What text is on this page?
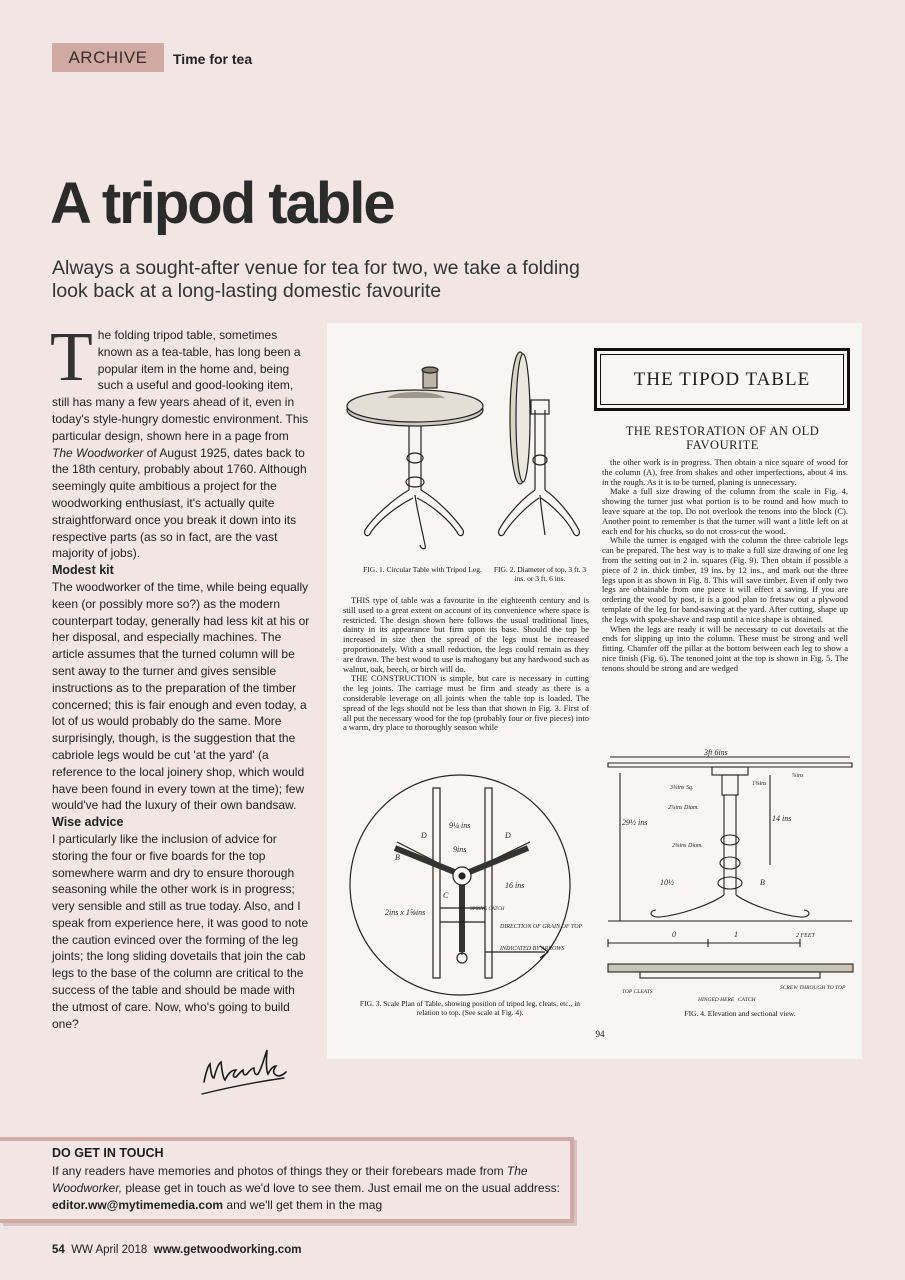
ARCHIVE	Time for tea
A tripod table
Always a sought-after venue for tea for two, we take a folding look back at a long-lasting domestic favourite

The folding tripod table, sometimes known as a tea-table, has long been a popular item in the home and, being such a useful and good-looking item, still has many a few years ahead of it, even in today's style-hungry domestic environment. This particular design, shown here in a page from The Woodworker of August 1925, dates back to the 18th century, probably about 1760. Although seemingly quite ambitious a project for the woodworking enthusiast, it's actually quite straightforward once you break it down into its respective parts (as so in fact, are the vast majority of jobs).

Modest kit

The woodworker of the time, while being equally keen (or possibly more so?) as the modern counterpart today, generally had less kit at his or her disposal, and especially machines. The article assumes that the turned column will be sent away to the turner and gives sensible instructions as to the preparation of the timber concerned; this is fair enough and even today, a lot of us would probably do the same. More surprisingly, though, is the suggestion that the cabriole legs would be cut 'at the yard' (a reference to the local joinery shop, which would have been found in every town at the time); few would've had the luxury of their own bandsaw.

Wise advice

I particularly like the inclusion of advice for storing the four or five boards for the top somewhere warm and dry to ensure thorough seasoning while the other work is in progress; very sensible and still as true today. Also, and I speak from experience here, it was good to note the caution evinced over the forming of the leg joints; the long sliding dovetails that join the cab legs to the base of the column are critical to the success of the table and should be made with the utmost of care. Now, who's going to build one?

FIG. 1. Circular Table with Tripod Leg.	FIG. 2. Diameter of top, 3 ft. 3 ins. or 3 ft. 6 ins.
THE TIPOD TABLE
THE RESTORATION OF AN OLD FAVOURITE

the other work is in progress. Then obtain a nice square of wood for the column (A), free from shakes and other imperfections, about 4 ins. in the rough. As it is to be turned, planing is unnecessary.

Make a full size drawing of the column from the scale in Fig. 4, showing the turner just what portion is to be round and how much to leave square at the top. Do not overlook the tenons into the block (C). Another point to remember is that the turner will want a little left on at each end for his chucks, so do not cross-cut the wood.

While the turner is engaged with the column the three cabriole legs can be prepared. The best way is to make a full size drawing of one leg from the setting out in 2 in. squares (Fig. 9). Then obtain if possible a piece of 2 in. thick timber, 19 ins. by 12 ins., and mark out the three legs upon it as shown in Fig. 8. This will save timber. Even if only two legs are obtainable from one piece it will effect a saving. If you are ordering the wood by post, it is a good plan to fretsaw out a plywood template of the leg for band-sawing at the yard. After cutting, shape up the legs with spoke-shave and rasp until a nice shape is obtained.

When the legs are ready it will be necessary to cut dovetails at the ends for slipping up into the column. These must be strong and well fitting. Chamfer off the pillar at the bottom between each leg to show a nice finish (Fig. 6). The tenoned joint at the top is shown in Fig. 5. The tenons should be strong and are wedged

THIS type of table was a favourite in the eighteenth century and is still used to a great extent on account of its convenience where space is restricted. The design shown here follows the usual traditional lines, dainty in its appearance but firm upon its base. Should the top be increased in size then the spread of the legs must be increased proportionately. With a small reduction, the legs could remain as they are drawn. The best wood to use is mahogany but any hardwood such as walnut, oak, beech, or birch will do.

THE CONSTRUCTION is simple, but care is necessary in cutting the leg joints. The carriage must be firm and steady as there is a considerable leverage on all joints when the table top is loaded. The spread of the legs should not be less than that shown in Fig. 3. First of all put the necessary wood for the top (probably four or five pieces) into a warm, dry place to thoroughly season while

9¼ ins
9ins
16 ins
2ins x 1⅝ins
DIRECTION OF GRAIN OF TOP
INDICATED BY ARROWS
SPRING CATCH
D	D
B
C
FIG. 3. Scale Plan of Table, showing position of tripod leg, cleats, etc., in relation to top. (See scale at Fig. 4).
3ft 6ins
29½ ins
3¾ins Sq.
2⅞ins Diam.
14 ins
2⅝ins Diam.
10½	B
0	1	2 FEET
TOP CLEATS
HINGED HERE CATCH
SCREW THROUGH TO TOP
1⅝ins
⅞ins
FIG. 4. Elevation and sectional view.
94
DO GET IN TOUCH
If any readers have memories and photos of things they or their forebears made from The Woodworker, please get in touch as we'd love to see them. Just email me on the usual address: editor.ww@mytimemedia.com and we'll get them in the mag
54 WW April 2018 www.getwoodworking.com
